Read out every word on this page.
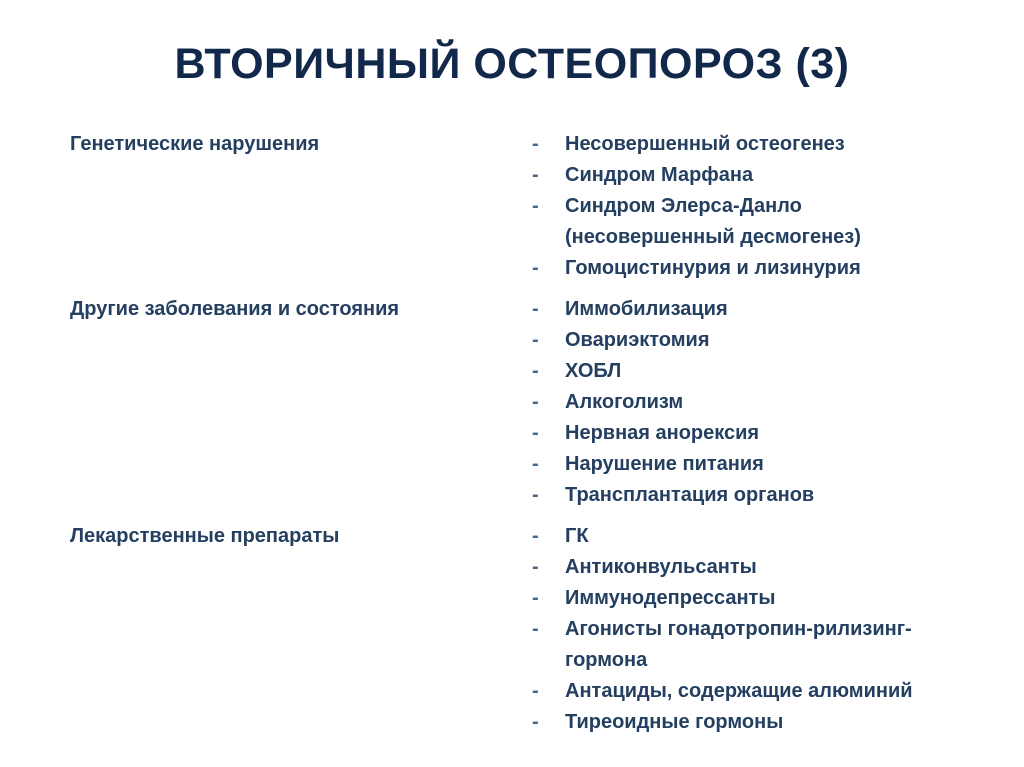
ВТОРИЧНЫЙ ОСТЕОПОРОЗ (3)
Генетические нарушения	- Несовершенный остеогенез
- Синдром Марфана
- Синдром Элерса-Данло (несовершенный десмогенез)
- Гомоцистинурия и лизинурия
Другие заболевания и состояния	- Иммобилизация
- Овариэктомия
- ХОБЛ
- Алкоголизм
- Нервная анорексия
- Нарушение питания
- Трансплантация органов
Лекарственные препараты	- ГК
- Антиконвульсанты
- Иммунодепрессанты
- Агонисты гонадотропин-рилизинг-гормона
- Антациды, содержащие алюминий
- Тиреоидные гормоны
